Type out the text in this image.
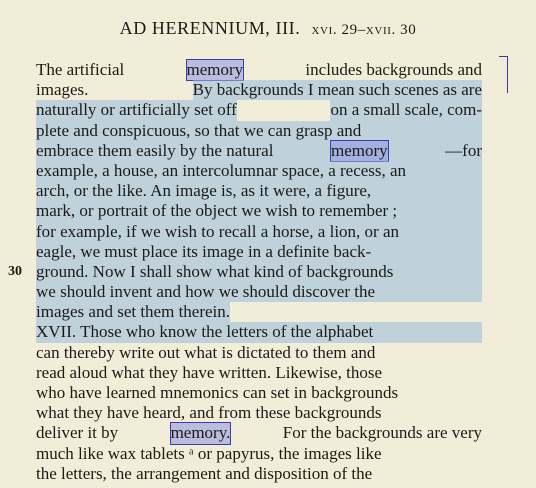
AD HERENNIUM, III. xvi. 29–xvii. 30
The artificial	memory	includes backgrounds and
images.	By backgrounds I mean such scenes as are
naturally or artificially set off	on a small scale, com-
plete and conspicuous, so that we can grasp and
embrace them easily by the natural	memory	—for
example, a house, an intercolumnar space, a recess, an
arch, or the like. An image is, as it were, a figure,
mark, or portrait of the object we wish to remember ;
for example, if we wish to recall a horse, a lion, or an
eagle, we must place its image in a definite back-
30 ground. Now I shall show what kind of backgrounds
we should invent and how we should discover the
images and set them therein.
XVII. Those who know the letters of the alphabet
can thereby write out what is dictated to them and
read aloud what they have written. Likewise, those
who have learned mnemonics can set in backgrounds
what they have heard, and from these backgrounds
deliver it by	memory.	For the backgrounds are very
much like wax tablets ᵃ or papyrus, the images like
the letters, the arrangement and disposition of the
